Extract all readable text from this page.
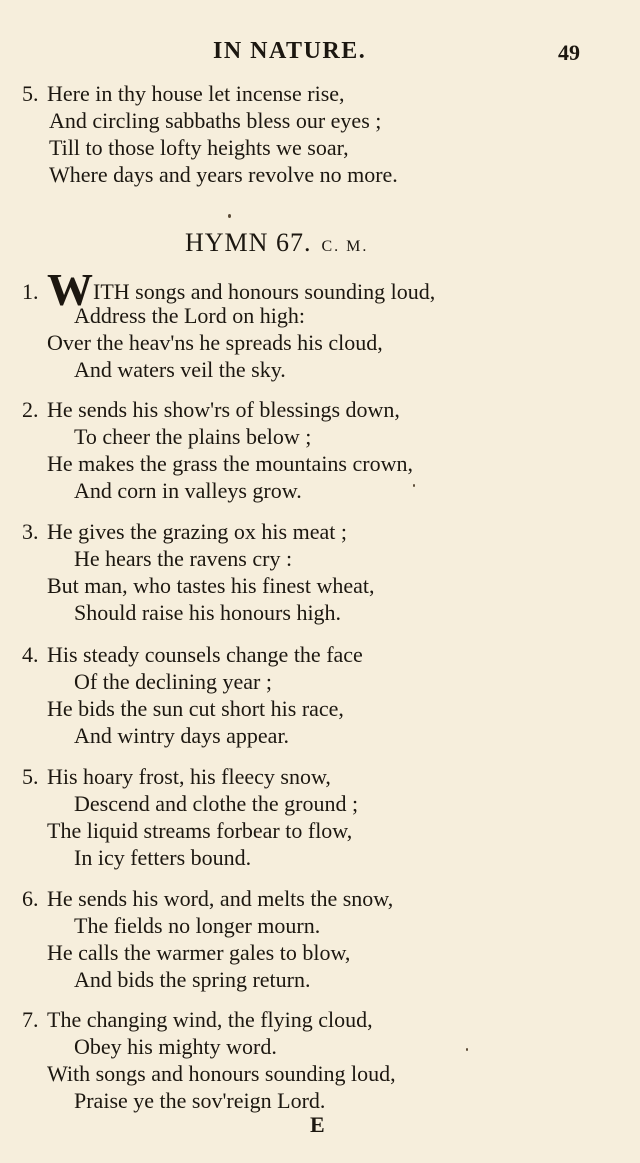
IN NATURE.	49
5. Here in thy house let incense rise,
And circling sabbaths bless our eyes ;
Till to those lofty heights we soar,
Where days and years revolve no more.
HYMN 67. C. M.
1. WITH songs and honours sounding loud,
Address the Lord on high:
Over the heav'ns he spreads his cloud,
And waters veil the sky.
2. He sends his show'rs of blessings down,
To cheer the plains below ;
He makes the grass the mountains crown,
And corn in valleys grow.
3. He gives the grazing ox his meat ;
He hears the ravens cry :
But man, who tastes his finest wheat,
Should raise his honours high.
4. His steady counsels change the face
Of the declining year ;
He bids the sun cut short his race,
And wintry days appear.
5. His hoary frost, his fleecy snow,
Descend and clothe the ground ;
The liquid streams forbear to flow,
In icy fetters bound.
6. He sends his word, and melts the snow,
The fields no longer mourn.
He calls the warmer gales to blow,
And bids the spring return.
7. The changing wind, the flying cloud,
Obey his mighty word.
With songs and honours sounding loud,
Praise ye the sov'reign Lord.
E
